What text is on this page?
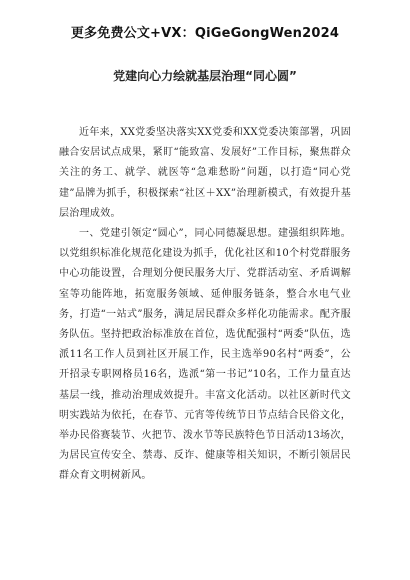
更多免费公文+VX：QiGeGongWen2024
党建向心力绘就基层治理“同心圆”

近年来，XX党委坚决落实XX党委和XX党委决策部署，巩固融合安居试点成果，紧盯“能致富、发展好”工作目标，聚焦群众关注的务工、就学、就医等“急难愁盼”问题，以打造“同心党建”品牌为抓手，积极探索“社区＋XX”治理新模式，有效提升基层治理成效。

一、党建引领定“圆心”，同心同德凝思想。建强组织阵地。以党组织标准化规范化建设为抓手，优化社区和10个村党群服务中心功能设置，合理划分便民服务大厅、党群活动室、矛盾调解室等功能阵地，拓宽服务领域、延伸服务链条，整合水电气业务，打造“一站式”服务，满足居民群众多样化功能需求。配齐服务队伍。坚持把政治标准放在首位，选优配强村“两委”队伍，选派11名工作人员到社区开展工作，民主选举90名村“两委”，公开招录专职网格员16名，选派“第一书记”10名，工作力量直达基层一线，推动治理成效提升。丰富文化活动。以社区新时代文明实践站为依托，在春节、元宵等传统节日节点结合民俗文化，举办民俗赛装节、火把节、泼水节等民族特色节日活动13场次，为居民宣传安全、禁毒、反诈、健康等相关知识，不断引领居民群众育文明树新风。
